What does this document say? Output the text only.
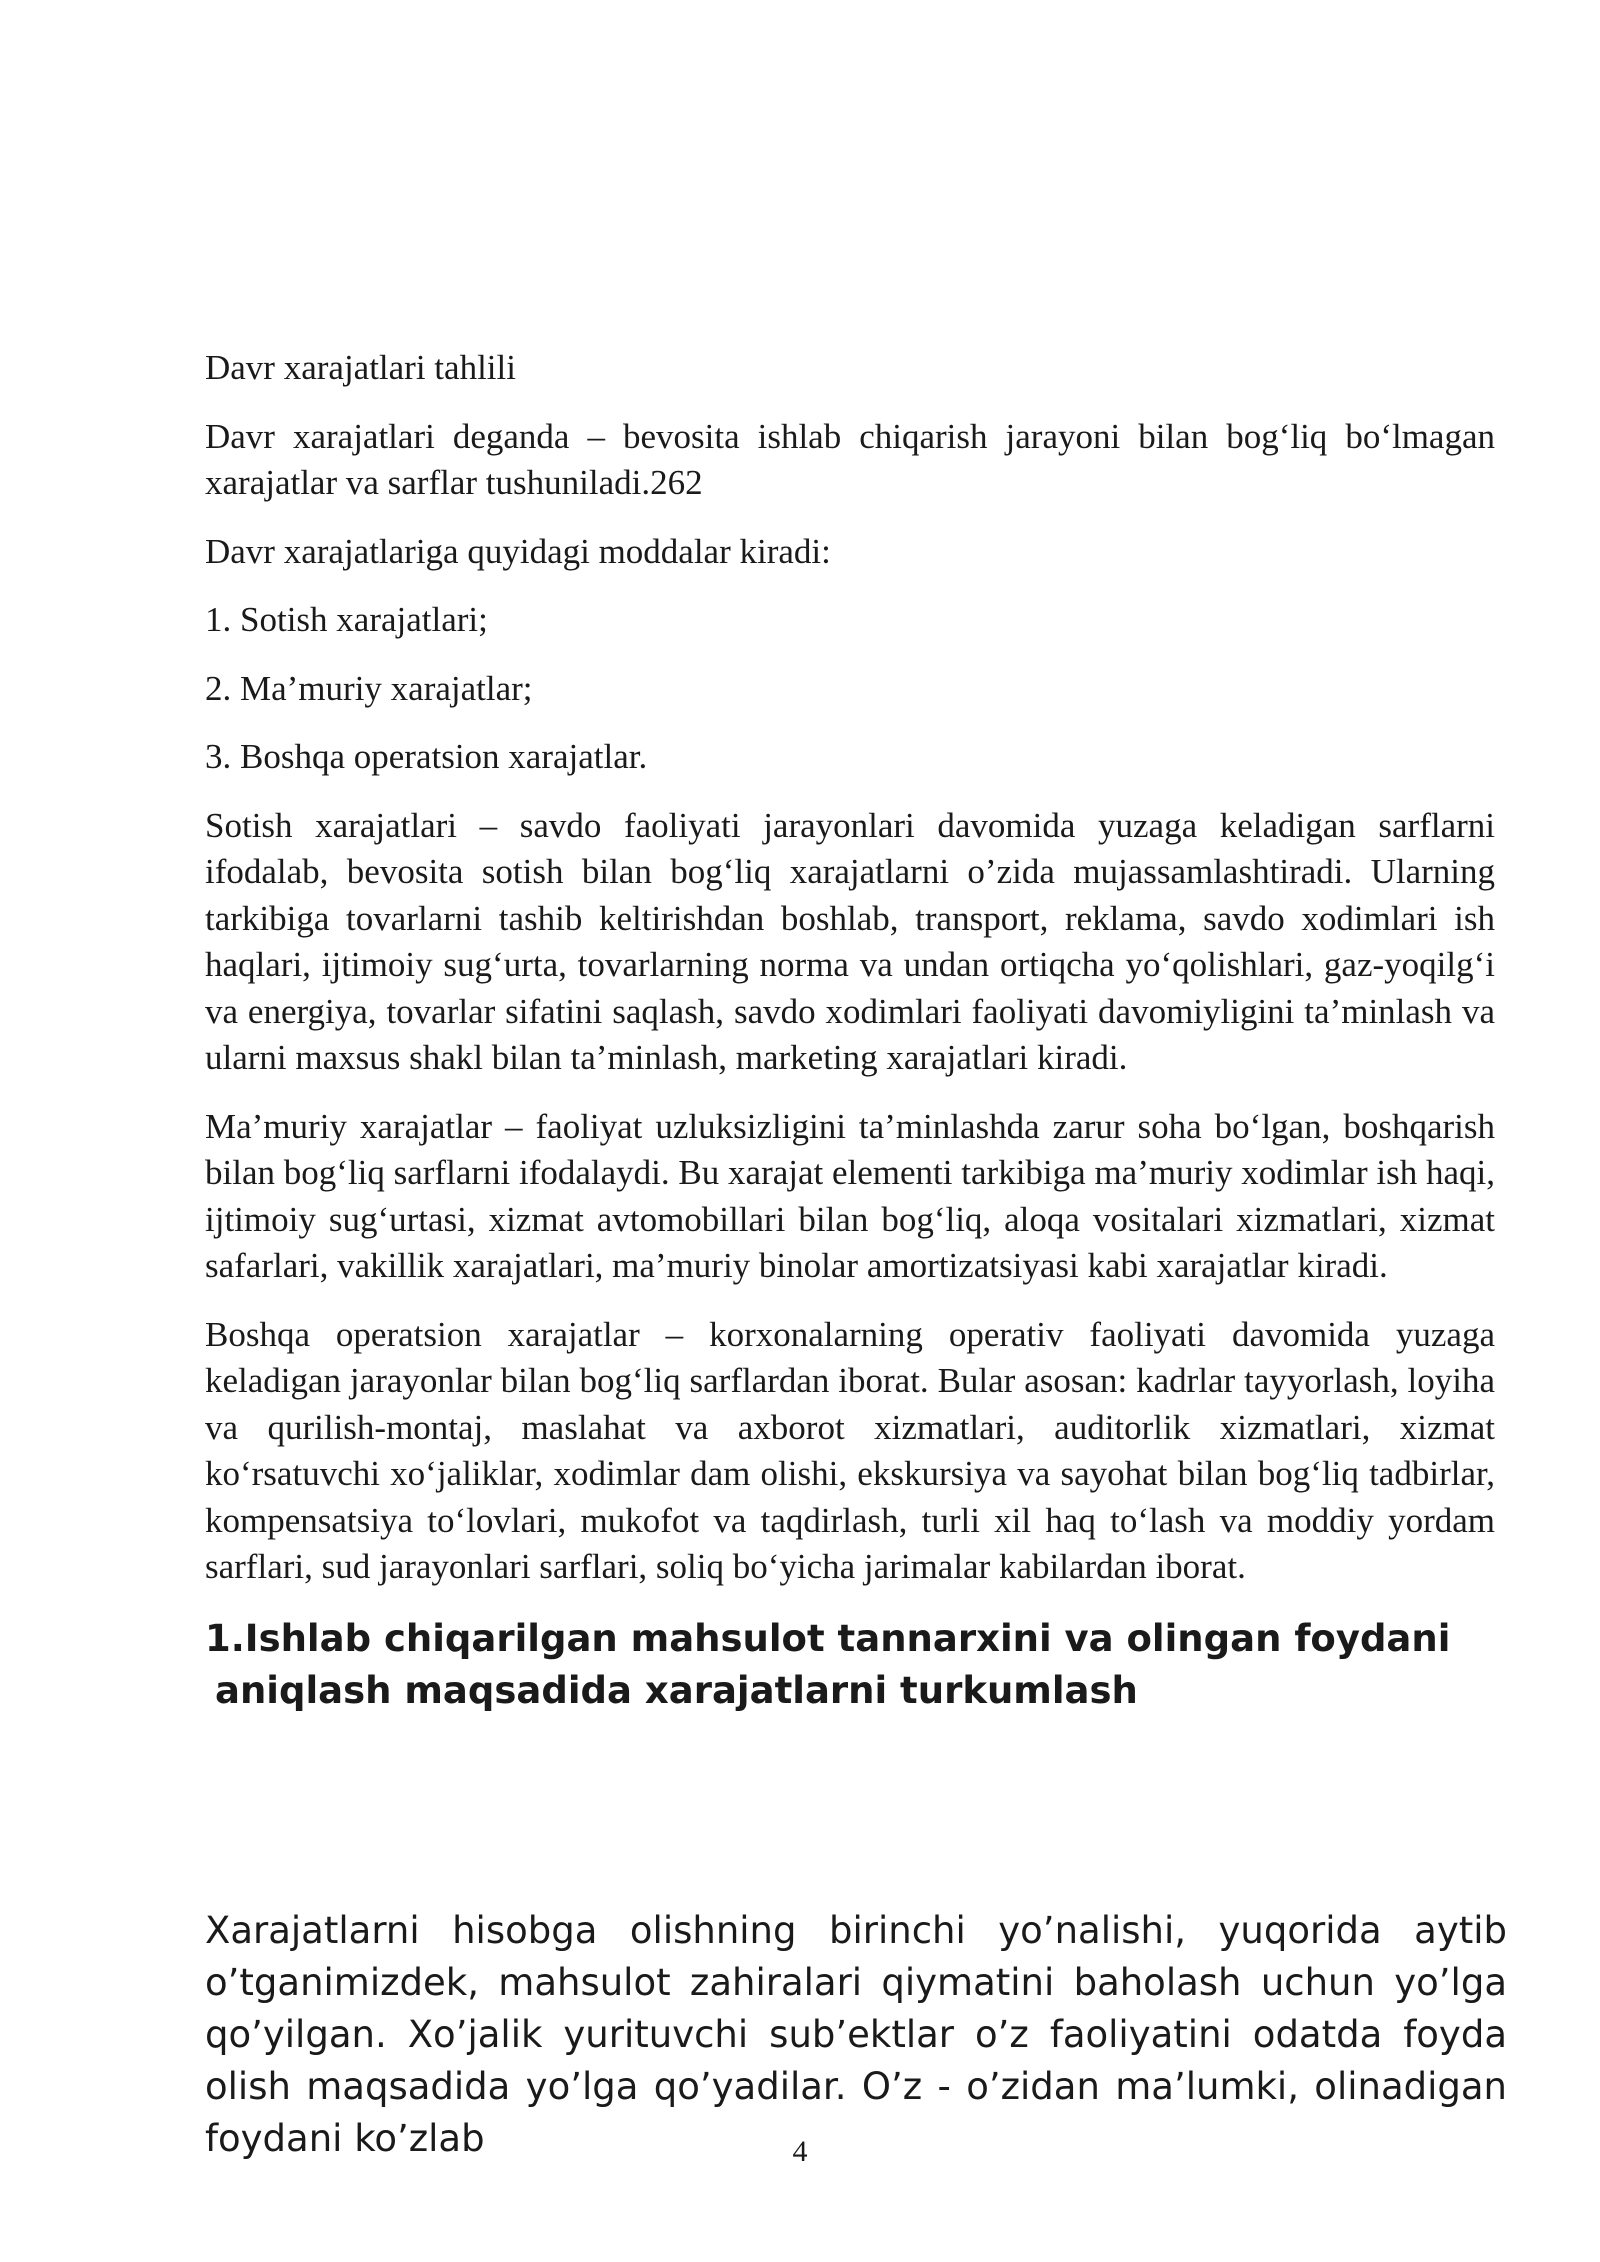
Davr xarajatlari tahlili

Davr xarajatlari deganda – bevosita ishlab chiqarish jarayoni bilan bog‘liq bo‘lmagan xarajatlar va sarflar tushuniladi.262

Davr xarajatlariga quyidagi moddalar kiradi:

1. Sotish xarajatlari;

2. Ma’muriy xarajatlar;

3. Boshqa operatsion xarajatlar.

Sotish xarajatlari – savdo faoliyati jarayonlari davomida yuzaga keladigan sarflarni ifodalab, bevosita sotish bilan bog‘liq xarajatlarni o’zida mujassamlashtiradi. Ularning tarkibiga tovarlarni tashib keltirishdan boshlab, transport, reklama, savdo xodimlari ish haqlari, ijtimoiy sug‘urta, tovarlarning norma va undan ortiqcha yo‘qolishlari, gaz-yoqilg‘i va energiya, tovarlar sifatini saqlash, savdo xodimlari faoliyati davomiyligini ta’minlash va ularni maxsus shakl bilan ta’minlash, marketing xarajatlari kiradi.

Ma’muriy xarajatlar – faoliyat uzluksizligini ta’minlashda zarur soha bo‘lgan, boshqarish bilan bog‘liq sarflarni ifodalaydi. Bu xarajat elementi tarkibiga ma’muriy xodimlar ish haqi, ijtimoiy sug‘urtasi, xizmat avtomobillari bilan bog‘liq, aloqa vositalari xizmatlari, xizmat safarlari, vakillik xarajatlari, ma’muriy binolar amortizatsiyasi kabi xarajatlar kiradi.

Boshqa operatsion xarajatlar – korxonalarning operativ faoliyati davomida yuzaga keladigan jarayonlar bilan bog‘liq sarflardan iborat. Bular asosan: kadrlar tayyorlash, loyiha va qurilish-montaj, maslahat va axborot xizmatlari, auditorlik xizmatlari, xizmat ko‘rsatuvchi xo‘jaliklar, xodimlar dam olishi, ekskursiya va sayohat bilan bog‘liq tadbirlar, kompensatsiya to‘lovlari, mukofot va taqdirlash, turli xil haq to‘lash va moddiy yordam sarflari, sud jarayonlari sarflari, soliq bo‘yicha jarimalar kabilardan iborat.

1.Ishlab chiqarilgan mahsulot tannarxini va olingan foydani
aniqlash maqsadida xarajatlarni turkumlash

Xarajatlarni hisobga olishning birinchi yo’nalishi, yuqorida aytib o’tganimizdek, mahsulot zahiralari qiymatini baholash uchun yo’lga qo’yilgan. Xo’jalik yurituvchi sub’ektlar o’z faoliyatini odatda foyda olish maqsadida yo’lga qo’yadilar. O’z - o’zidan ma’lumki, olinadigan foydani ko’zlab	4
